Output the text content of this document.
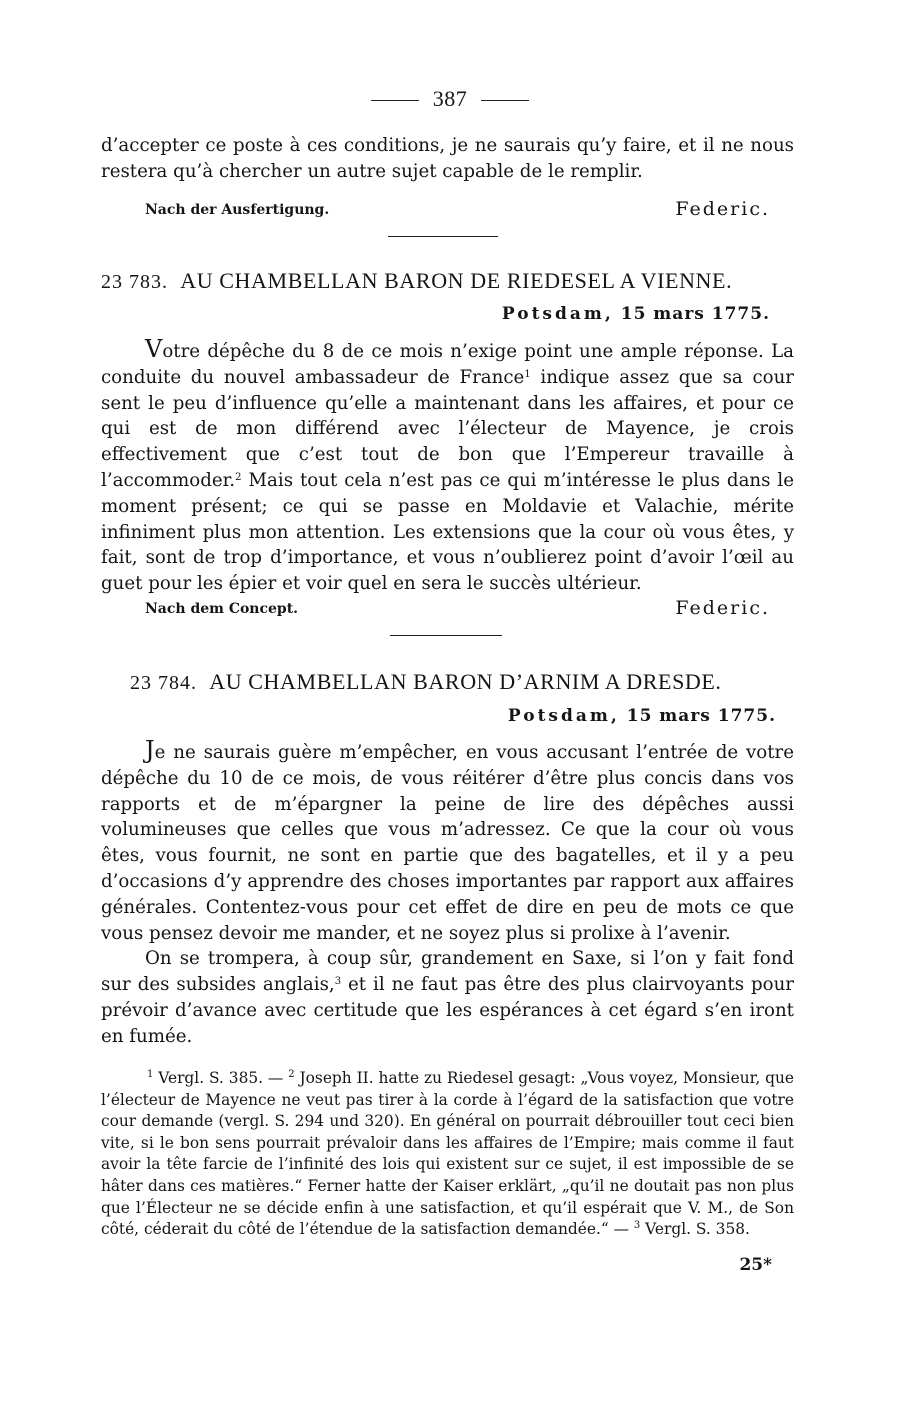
387

d’accepter ce poste à ces conditions, je ne saurais qu’y faire, et il ne nous restera qu’à chercher un autre sujet capable de le remplir.

Nach der Ausfertigung.	Federic.
23 783. AU CHAMBELLAN BARON DE RIEDESEL A VIENNE.
Potsdam, 15 mars 1775.

Votre dépêche du 8 de ce mois n’exige point une ample réponse. La conduite du nouvel ambassadeur de France$^1$ indique assez que sa cour sent le peu d’influence qu’elle a maintenant dans les affaires, et pour ce qui est de mon différend avec l’électeur de Mayence, je crois effectivement que c’est tout de bon que l’Empereur travaille à l’accommoder.$^2$ Mais tout cela n’est pas ce qui m’intéresse le plus dans le moment présent; ce qui se passe en Moldavie et Valachie, mérite infiniment plus mon attention. Les extensions que la cour où vous êtes, y fait, sont de trop d’importance, et vous n’oublierez point d’avoir l’œil au guet pour les épier et voir quel en sera le succès ultérieur.

Nach dem Concept.	Federic.
23 784. AU CHAMBELLAN BARON D’ARNIM A DRESDE.
Potsdam, 15 mars 1775.

Je ne saurais guère m’empêcher, en vous accusant l’entrée de votre dépêche du 10 de ce mois, de vous réitérer d’être plus concis dans vos rapports et de m’épargner la peine de lire des dépêches aussi volumineuses que celles que vous m’adressez. Ce que la cour où vous êtes, vous fournit, ne sont en partie que des bagatelles, et il y a peu d’occasions d’y apprendre des choses importantes par rapport aux affaires générales. Contentez-vous pour cet effet de dire en peu de mots ce que vous pensez devoir me mander, et ne soyez plus si prolixe à l’avenir.

On se trompera, à coup sûr, grandement en Saxe, si l’on y fait fond sur des subsides anglais,$^3$ et il ne faut pas être des plus clairvoyants pour prévoir d’avance avec certitude que les espérances à cet égard s’en iront en fumée.

$^1$ Vergl. S. 385. — $^2$ Joseph II. hatte zu Riedesel gesagt: „Vous voyez, Monsieur, que l’électeur de Mayence ne veut pas tirer à la corde à l’égard de la satisfaction que votre cour demande (vergl. S. 294 und 320). En général on pourrait débrouiller tout ceci bien vite, si le bon sens pourrait prévaloir dans les affaires de l’Empire; mais comme il faut avoir la tête farcie de l’infinité des lois qui existent sur ce sujet, il est impossible de se hâter dans ces matières.“ Ferner hatte der Kaiser erklärt, „qu’il ne doutait pas non plus que l’Électeur ne se décide enfin à une satisfaction, et qu’il espérait que V. M., de Son côté, céderait du côté de l’étendue de la satisfaction demandée.“ — $^3$ Vergl. S. 358.

25*
